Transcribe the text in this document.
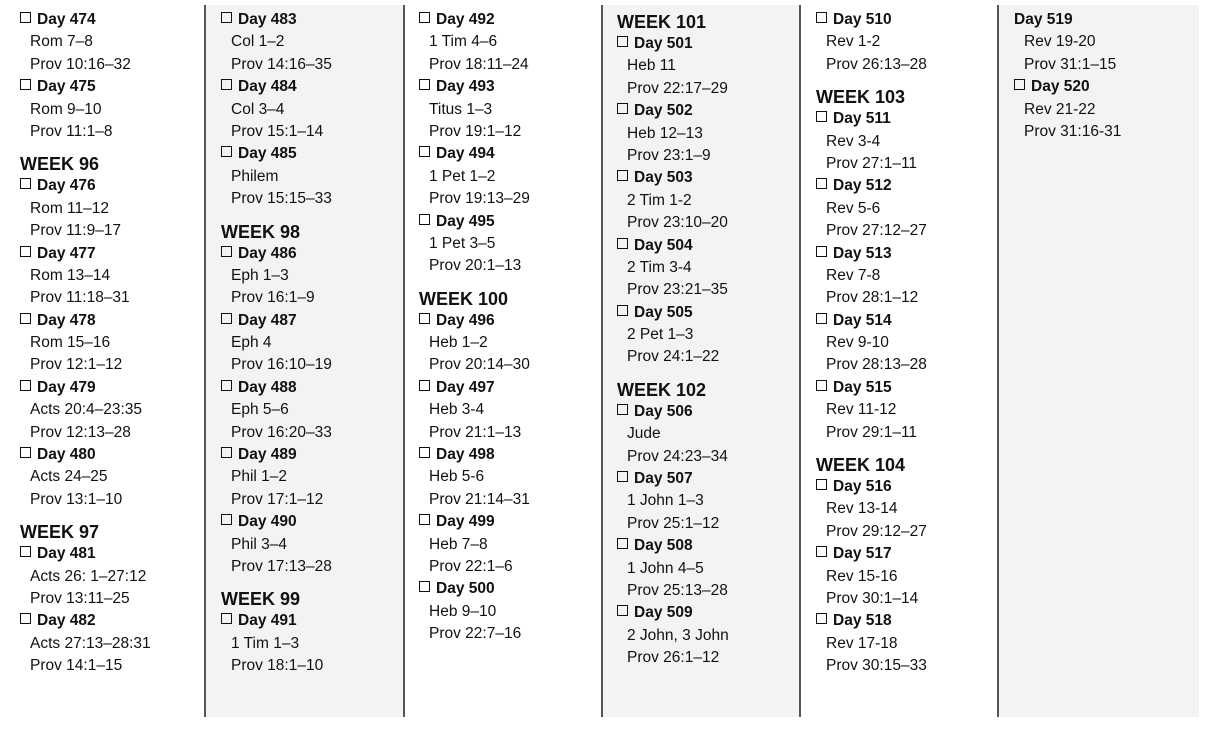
Day 474
Rom 7–8
Prov 10:16–32
Day 475
Rom 9–10
Prov 11:1–8
WEEK 96
Day 476
Rom 11–12
Prov 11:9–17
Day 477
Rom 13–14
Prov 11:18–31
Day 478
Rom 15–16
Prov 12:1–12
Day 479
Acts 20:4–23:35
Prov 12:13–28
Day 480
Acts 24–25
Prov 13:1–10
WEEK 97
Day 481
Acts 26: 1–27:12
Prov 13:11–25
Day 482
Acts 27:13–28:31
Prov 14:1–15
Day 483
Col 1–2
Prov 14:16–35
Day 484
Col 3–4
Prov 15:1–14
Day 485
Philem
Prov 15:15–33
WEEK 98
Day 486
Eph 1–3
Prov 16:1–9
Day 487
Eph 4
Prov 16:10–19
Day 488
Eph 5–6
Prov 16:20–33
Day 489
Phil 1–2
Prov 17:1–12
Day 490
Phil 3–4
Prov 17:13–28
WEEK 99
Day 491
1 Tim 1–3
Prov 18:1–10
Day 492
1 Tim 4–6
Prov 18:11–24
Day 493
Titus 1–3
Prov 19:1–12
Day 494
1 Pet 1–2
Prov 19:13–29
Day 495
1 Pet 3–5
Prov 20:1–13
WEEK 100
Day 496
Heb 1–2
Prov 20:14–30
Day 497
Heb 3-4
Prov 21:1–13
Day 498
Heb 5-6
Prov 21:14–31
Day 499
Heb 7–8
Prov 22:1–6
Day 500
Heb 9–10
Prov 22:7–16
WEEK 101
Day 501
Heb 11
Prov 22:17–29
Day 502
Heb 12–13
Prov 23:1–9
Day 503
2 Tim 1-2
Prov 23:10–20
Day 504
2 Tim 3-4
Prov 23:21–35
Day 505
2 Pet 1–3
Prov 24:1–22
WEEK 102
Day 506
Jude
Prov 24:23–34
Day 507
1 John 1–3
Prov 25:1–12
Day 508
1 John 4–5
Prov 25:13–28
Day 509
2 John, 3 John
Prov 26:1–12
Day 510
Rev 1-2
Prov 26:13–28
WEEK 103
Day 511
Rev 3-4
Prov 27:1–11
Day 512
Rev 5-6
Prov 27:12–27
Day 513
Rev 7-8
Prov 28:1–12
Day 514
Rev 9-10
Prov 28:13–28
Day 515
Rev 11-12
Prov 29:1–11
WEEK 104
Day 516
Rev 13-14
Prov 29:12–27
Day 517
Rev 15-16
Prov 30:1–14
Day 518
Rev 17-18
Prov 30:15–33
Day 519
Rev 19-20
Prov 31:1–15
Day 520
Rev 21-22
Prov 31:16-31
